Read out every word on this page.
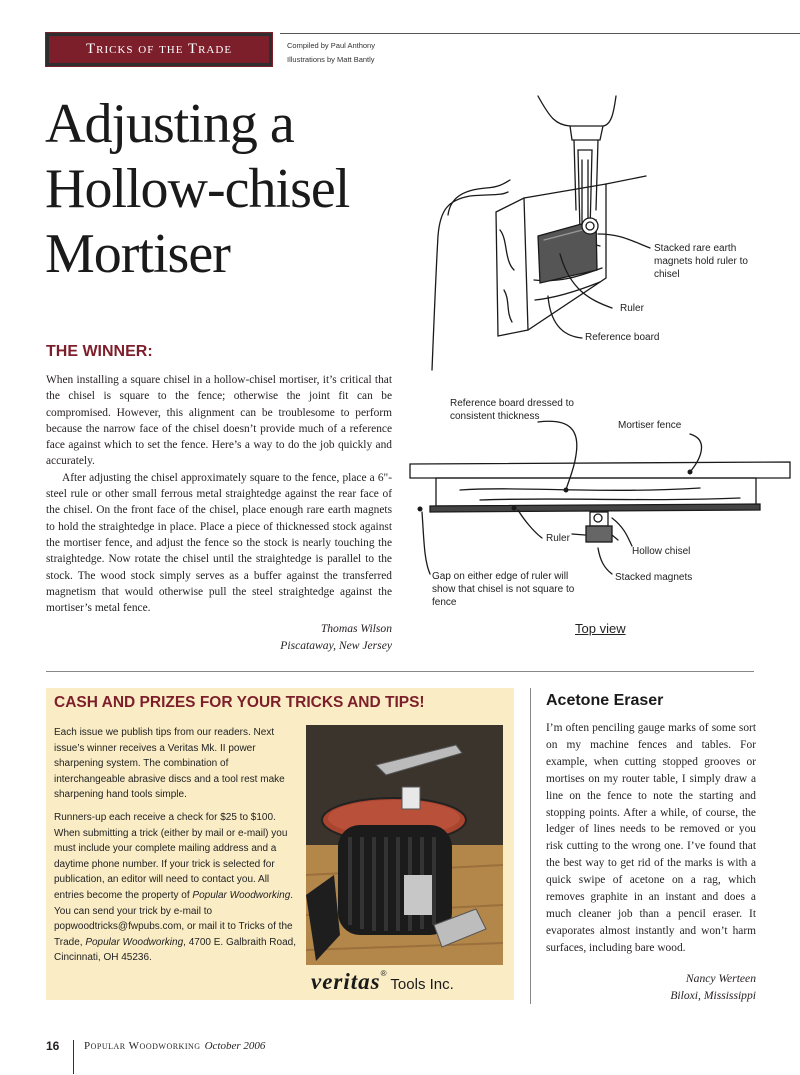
Tricks of the Trade	Compiled by Paul Anthony
Illustrations by Matt Bantly
Adjusting a
Hollow-chisel
Mortiser	Stacked rare earth magnets hold ruler to chisel
Ruler
Reference board
Reference board dressed to consistent thickness
Mortiser fence
Ruler
Hollow chisel
Gap on either edge of ruler will show that chisel is not square to fence
Stacked magnets
Top view
THE WINNER:

When installing a square chisel in a hollow-chisel mortiser, it’s critical that the chisel is square to the fence; otherwise the joint fit can be compromised. However, this alignment can be troublesome to perform because the narrow face of the chisel doesn’t provide much of a reference face against which to set the fence. Here’s a way to do the job quickly and accurately.

After adjusting the chisel approximately square to the fence, place a 6"-steel rule or other small ferrous metal straightedge against the rear face of the chisel. On the front face of the chisel, place enough rare earth magnets to hold the straightedge in place. Place a piece of thicknessed stock against the mortiser fence, and adjust the fence so the stock is nearly touching the straightedge. Now rotate the chisel until the straightedge is parallel to the stock. The wood stock simply serves as a buffer against the transferred magnetism that would otherwise pull the steel straightedge against the mortiser’s metal fence.

Thomas Wilson
Piscataway, New Jersey
CASH AND PRIZES FOR YOUR TRICKS AND TIPS!

Each issue we publish tips from our readers. Next issue’s winner receives a Veritas Mk. II power sharpening system. The combination of interchangeable abrasive discs and a tool rest make sharpening hand tools simple.

Runners-up each receive a check for $25 to $100. When submitting a trick (either by mail or e-mail) you must include your complete mailing address and a daytime phone number. If your trick is selected for publication, an editor will need to contact you. All entries become the property of Popular Woodworking. You can send your trick by e-mail to popwoodtricks@fwpubs.com, or mail it to Tricks of the Trade, Popular Woodworking, 4700 E. Galbraith Road, Cincinnati, OH 45236.

veritas® Tools Inc.
Acetone Eraser

I’m often penciling gauge marks of some sort on my machine fences and tables. For example, when cutting stopped grooves or mortises on my router table, I simply draw a line on the fence to note the starting and stopping points. After a while, of course, the ledger of lines needs to be removed or you risk cutting to the wrong one. I’ve found that the best way to get rid of the marks is with a quick swipe of acetone on a rag, which removes graphite in an instant and does a much cleaner job than a pencil eraser. It evaporates almost instantly and won’t harm surfaces, including bare wood.

Nancy Werteen
Biloxi, Mississippi
16 Popular Woodworking October 2006
